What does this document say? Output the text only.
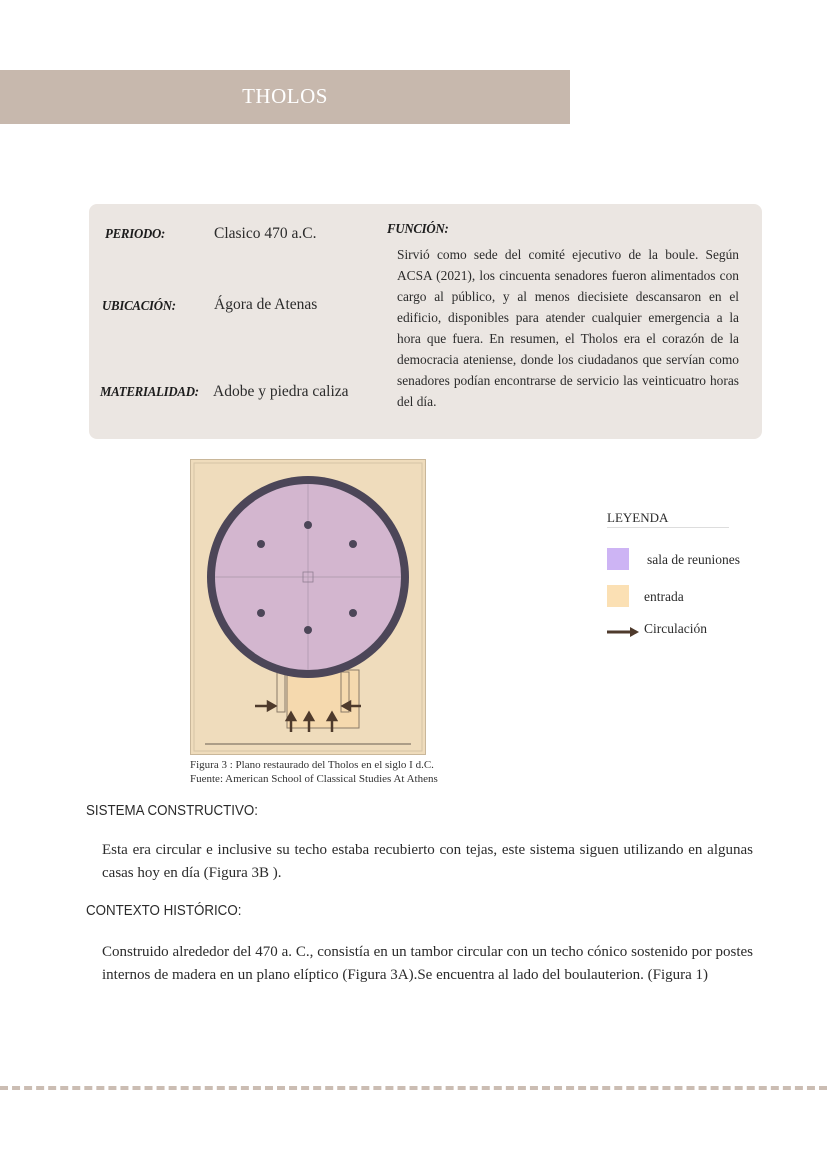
THOLOS
PERIODO:	Clasico 470 a.C.
UBICACIÓN: Ágora de Atenas
MATERIALIDAD: Adobe y piedra caliza
FUNCIÓN:
Sirvió como sede del comité ejecutivo de la boule. Según ACSA (2021), los cincuenta senadores fueron alimentados con cargo al público, y al menos diecisiete descansaron en el edificio, disponibles para atender cualquier emergencia a la hora que fuera. En resumen, el Tholos era el corazón de la democracia ateniense, donde los ciudadanos que servían como senadores podían encontrarse de servicio las veinticuatro horas del día.
Figura 3 : Plano restaurado del Tholos en el siglo I d.C.
Fuente: American School of Classical Studies At Athens
LEYENDA
sala de reuniones
entrada
Circulación
SISTEMA CONSTRUCTIVO:
Esta era circular e inclusive su techo estaba recubierto con tejas, este sistema siguen utilizando en algunas casas hoy en día (Figura 3B ).
CONTEXTO HISTÓRICO:
Construido alrededor del 470 a. C., consistía en un tambor circular con un techo cónico sostenido por postes internos de madera en un plano elíptico (Figura 3A).Se encuentra al lado del boulauterion. (Figura 1)
